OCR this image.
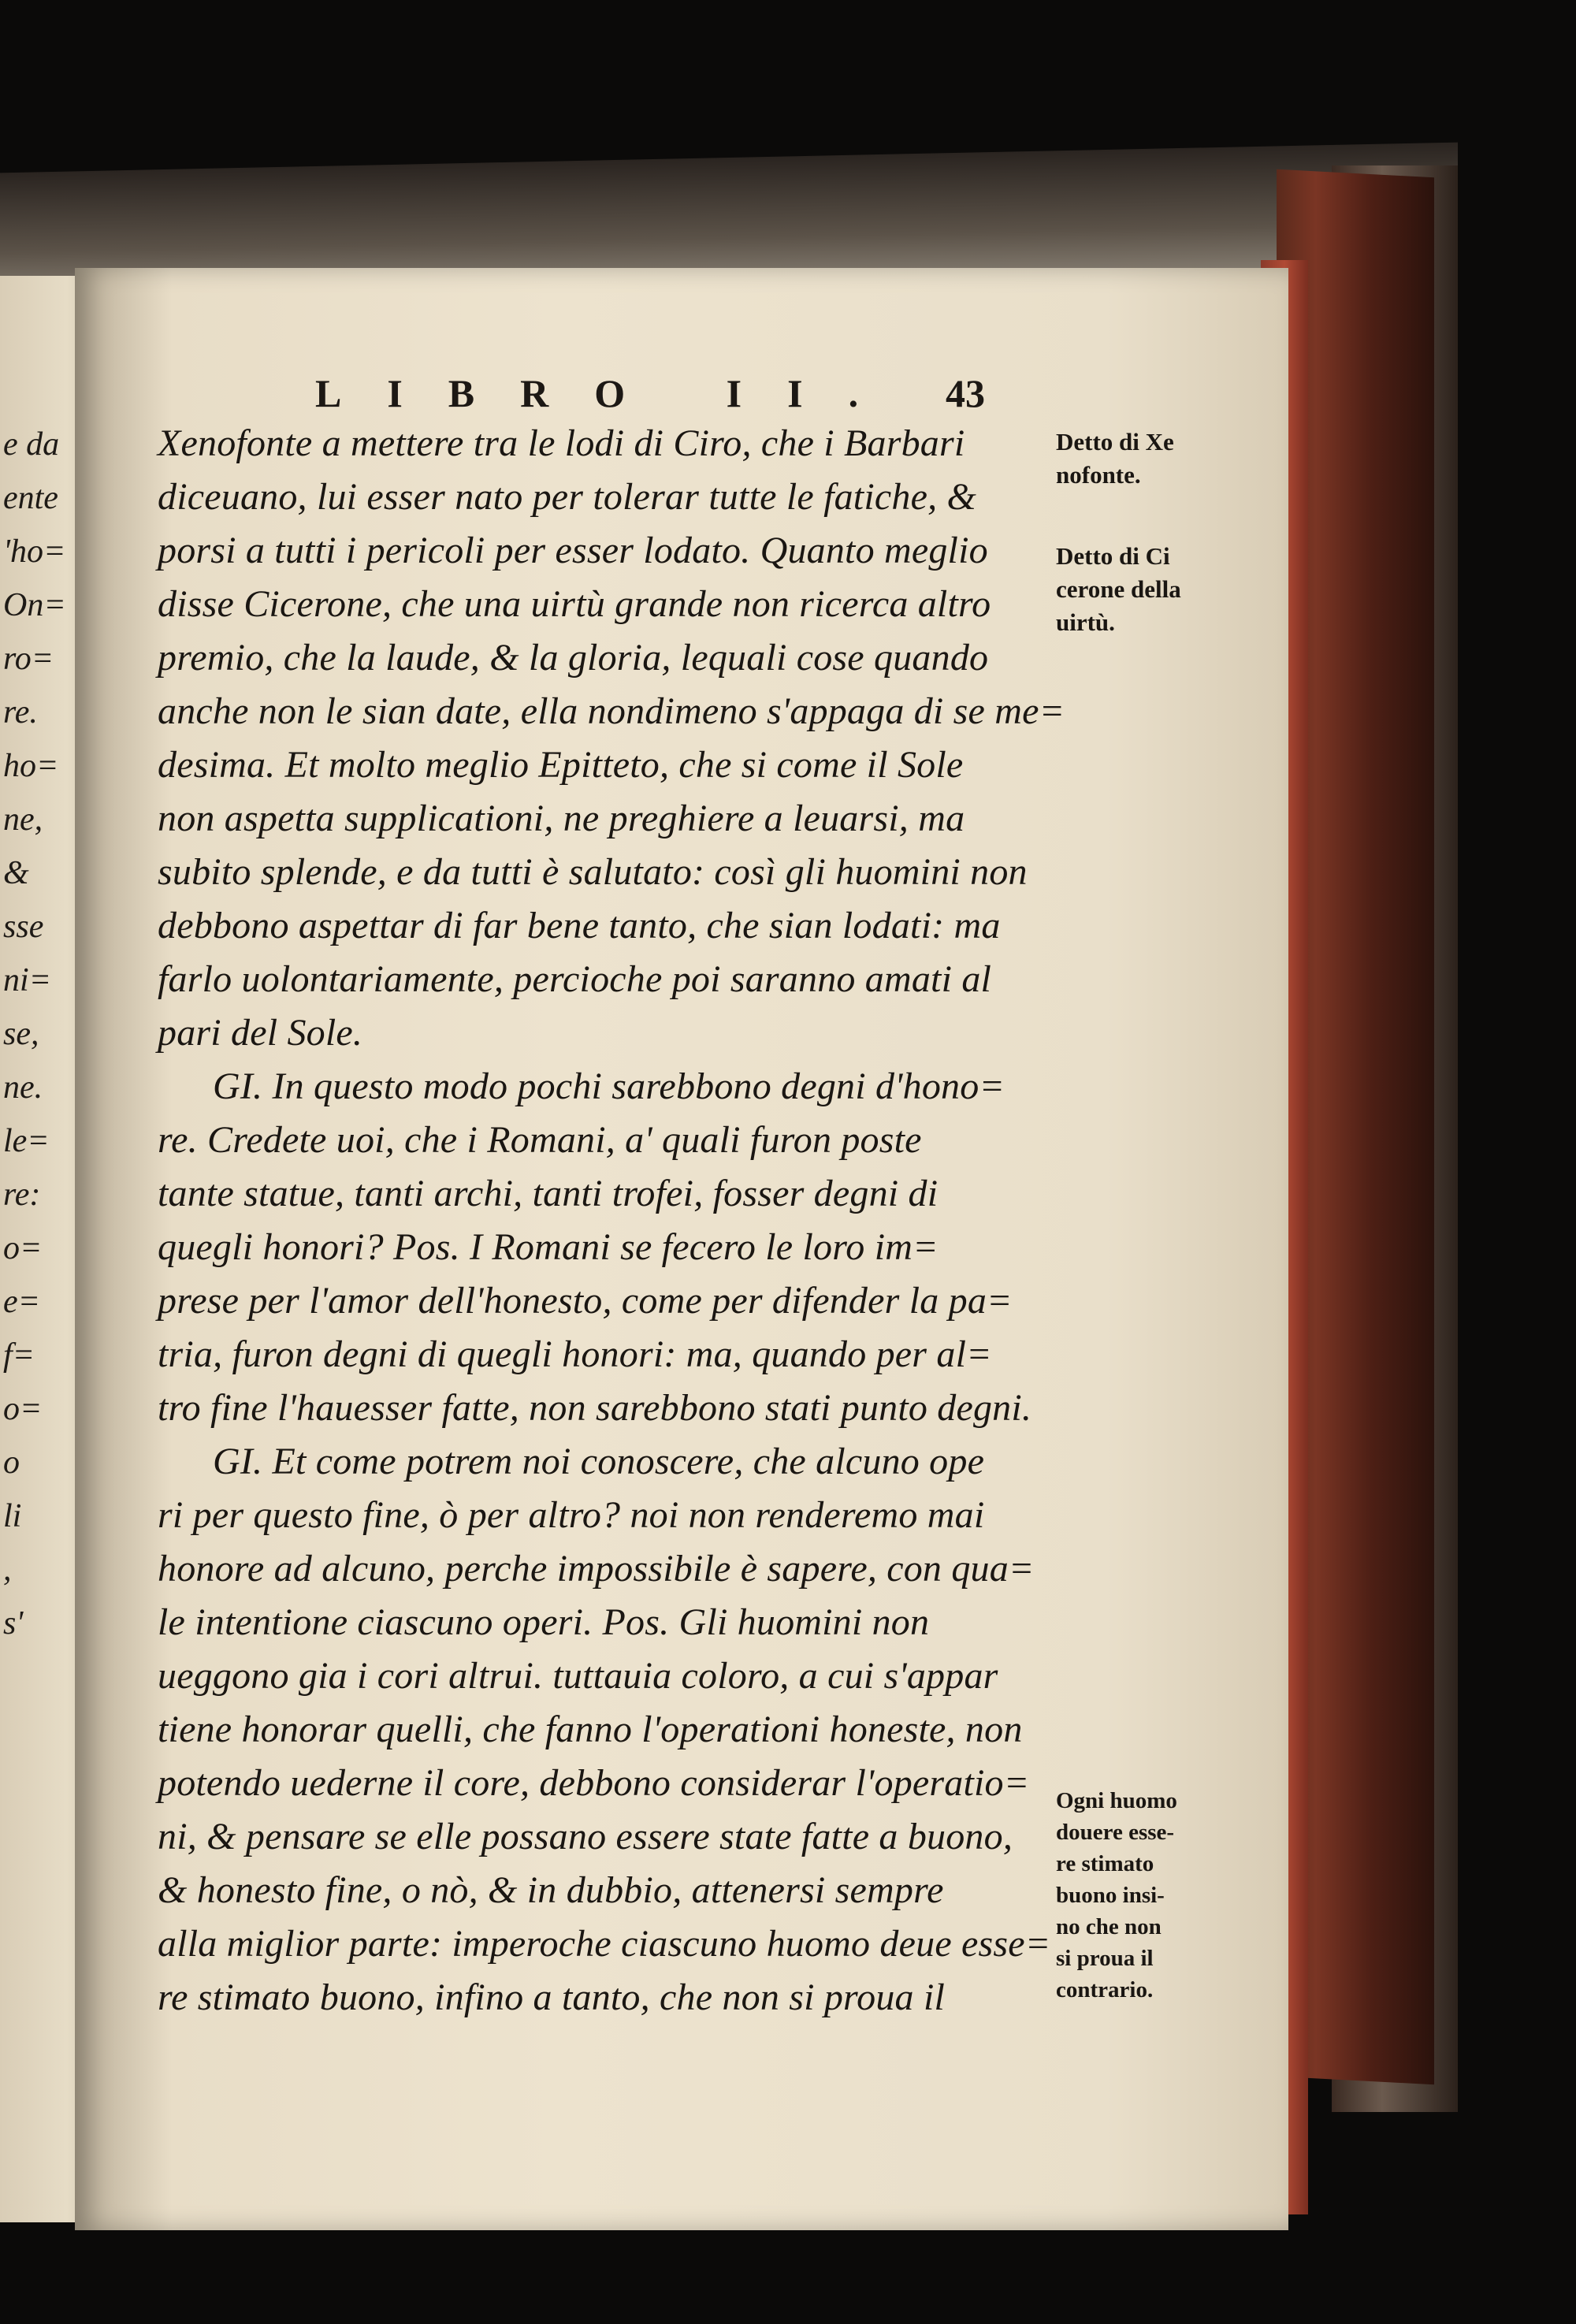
e da
ente
'ho=
On=
ro=
re.
ho=
ne,
&
sse
ni=
se,
ne.
le=
re:
o=
e=
f=
o=
o
li
,
s'
LIBRO II. 43
Xenofonte a mettere tra le lodi di Ciro, che i Barbari
diceuano, lui esser nato per tolerar tutte le fatiche, &
porsi a tutti i pericoli per esser lodato. Quanto meglio
disse Cicerone, che una uirtù grande non ricerca altro
premio, che la laude, & la gloria, lequali cose quando
anche non le sian date, ella nondimeno s'appaga di se me=
desima. Et molto meglio Epitteto, che si come il Sole
non aspetta supplicationi, ne preghiere a leuarsi, ma
subito splende, e da tutti è salutato: così gli huomini non
debbono aspettar di far bene tanto, che sian lodati: ma
farlo uolontariamente, percioche poi saranno amati al
pari del Sole.
GI. In questo modo pochi sarebbono degni d'hono=
re. Credete uoi, che i Romani, a' quali furon poste
tante statue, tanti archi, tanti trofei, fosser degni di
quegli honori? Pos. I Romani se fecero le loro im=
prese per l'amor dell'honesto, come per difender la pa=
tria, furon degni di quegli honori: ma, quando per al=
tro fine l'hauesser fatte, non sarebbono stati punto degni.
GI. Et come potrem noi conoscere, che alcuno ope
ri per questo fine, ò per altro? noi non renderemo mai
honore ad alcuno, perche impossibile è sapere, con qua=
le intentione ciascuno operi. Pos. Gli huomini non
ueggono gia i cori altrui. tuttauia coloro, a cui s'appar
tiene honorar quelli, che fanno l'operationi honeste, non
potendo uederne il core, debbono considerar l'operatio=
ni, & pensare se elle possano essere state fatte a buono,
& honesto fine, o nò, & in dubbio, attenersi sempre
alla miglior parte: imperoche ciascuno huomo deue esse=
re stimato buono, infino a tanto, che non si proua il
Detto di Xe
nofonte.
Detto di Ci
cerone della
uirtù.
Ogni huomo
douere esse-
re stimato
buono insi-
no che non
si proua il
contrario.
